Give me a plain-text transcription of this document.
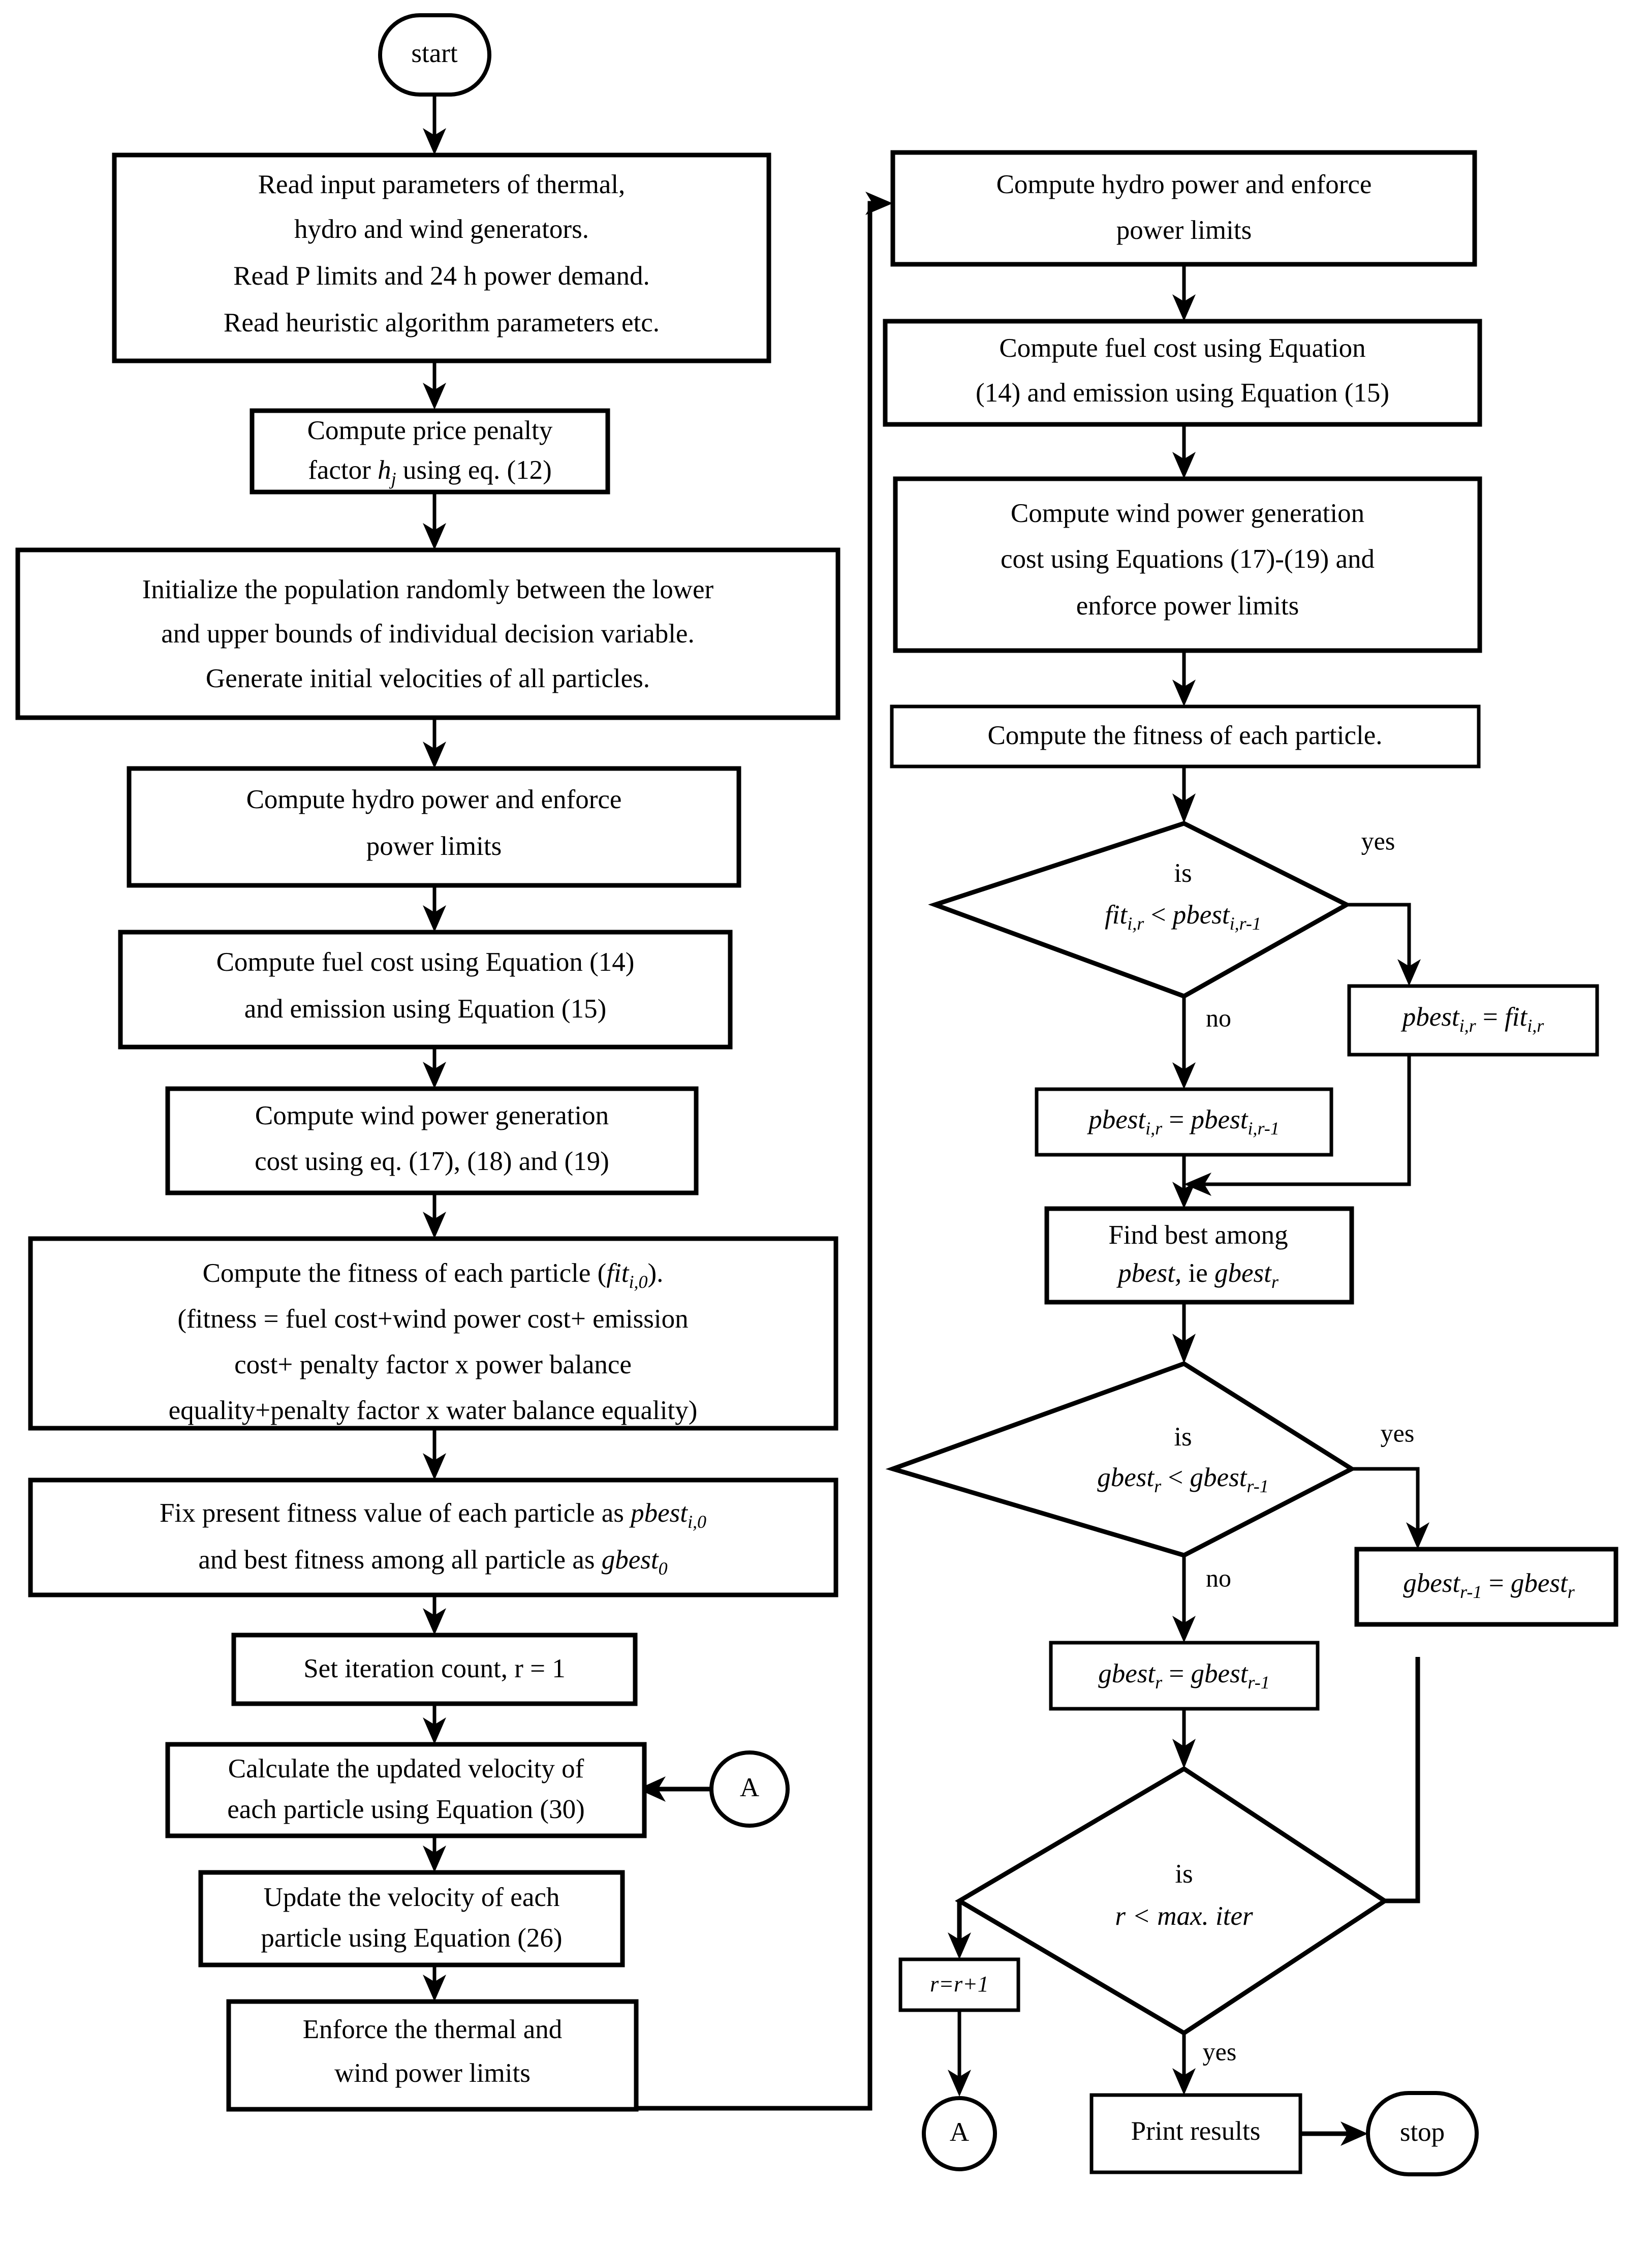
start
Read input parameters of thermal,
hydro and wind generators.
Read P limits and 24 h power demand.
Read heuristic algorithm parameters etc.
Compute price penalty
factor $h_j$ using eq. (12)
Initialize the population randomly between the lower
and upper bounds of individual decision variable.
Generate initial velocities of all particles.
Compute hydro power and enforce
power limits
Compute fuel cost using Equation (14)
and emission using Equation (15)
Compute wind power generation
cost using eq. (17), (18) and (19)
Compute the fitness of each particle (fit$_{i,0}$).
(fitness = fuel cost+wind power cost+ emission
cost+ penalty factor x power balance
equality+penalty factor x water balance equality)
Fix present fitness value of each particle as pbest$_{i,0}$
and best fitness among all particle as gbest$_0$
Set iteration count, r = 1
Calculate the updated velocity of
each particle using Equation (30)
A
Update the velocity of each
particle using Equation (26)
Enforce the thermal and
wind power limits
Compute hydro power and enforce
power limits
Compute fuel cost using Equation
(14) and emission using Equation (15)
Compute wind power generation
cost using Equations (17)-(19) and
enforce power limits
Compute the fitness of each particle.
is
fit$_{i,r}$ < pbest$_{i,r-1}$
yes
no	pbest$_{i,r}$ = fit$_{i,r}$
pbest$_{i,r}$ = pbest$_{i,r-1}$
Find best among
pbest, ie gbest$_r$
is
gbest$_r$ < gbest$_{r-1}$
yes
no	gbest$_{r-1}$ = gbest$_r$
gbest$_r$ = gbest$_{r-1}$
is
r < max. iter
yes
r=r+1
A	Print results	stop
